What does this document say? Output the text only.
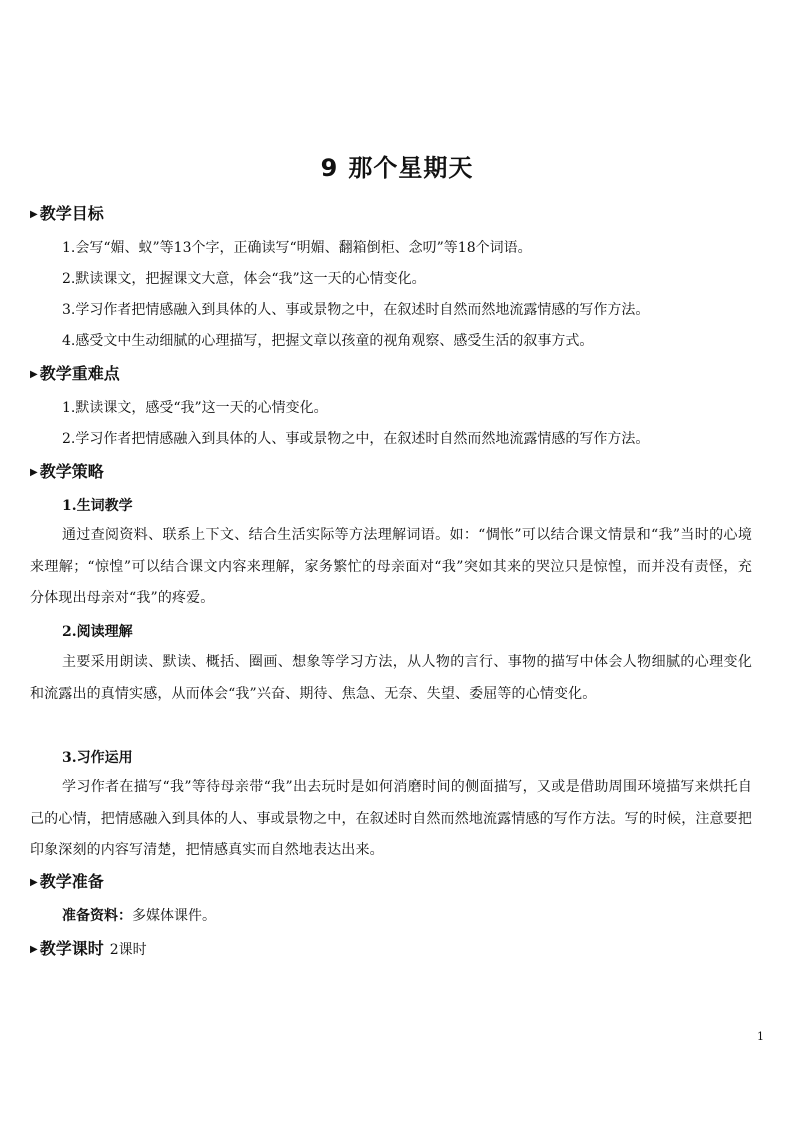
9 那个星期天
▶ 教学目标

1.会写“媚、蚁”等13个字，正确读写“明媚、翻箱倒柜、念叨”等18个词语。

2.默读课文，把握课文大意，体会“我”这一天的心情变化。

3.学习作者把情感融入到具体的人、事或景物之中，在叙述时自然而然地流露情感的写作方法。

4.感受文中生动细腻的心理描写，把握文章以孩童的视角观察、感受生活的叙事方式。

▶ 教学重难点

1.默读课文，感受“我”这一天的心情变化。

2.学习作者把情感融入到具体的人、事或景物之中，在叙述时自然而然地流露情感的写作方法。

▶ 教学策略

1.生词教学

通过查阅资料、联系上下文、结合生活实际等方法理解词语。如：“惆怅”可以结合课文情景和“我”当时的心境来理解；“惊惶”可以结合课文内容来理解，家务繁忙的母亲面对“我”突如其来的哭泣只是惊惶，而并没有责怪，充分体现出母亲对“我”的疼爱。

2.阅读理解

主要采用朗读、默读、概括、圈画、想象等学习方法，从人物的言行、事物的描写中体会人物细腻的心理变化和流露出的真情实感，从而体会“我”兴奋、期待、焦急、无奈、失望、委屈等的心情变化。

3.习作运用

学习作者在描写“我”等待母亲带“我”出去玩时是如何消磨时间的侧面描写，又或是借助周围环境描写来烘托自己的心情，把情感融入到具体的人、事或景物之中，在叙述时自然而然地流露情感的写作方法。写的时候，注意要把印象深刻的内容写清楚，把情感真实而自然地表达出来。

▶ 教学准备

准备资料：多媒体课件。

▶ 教学课时 2课时
1
